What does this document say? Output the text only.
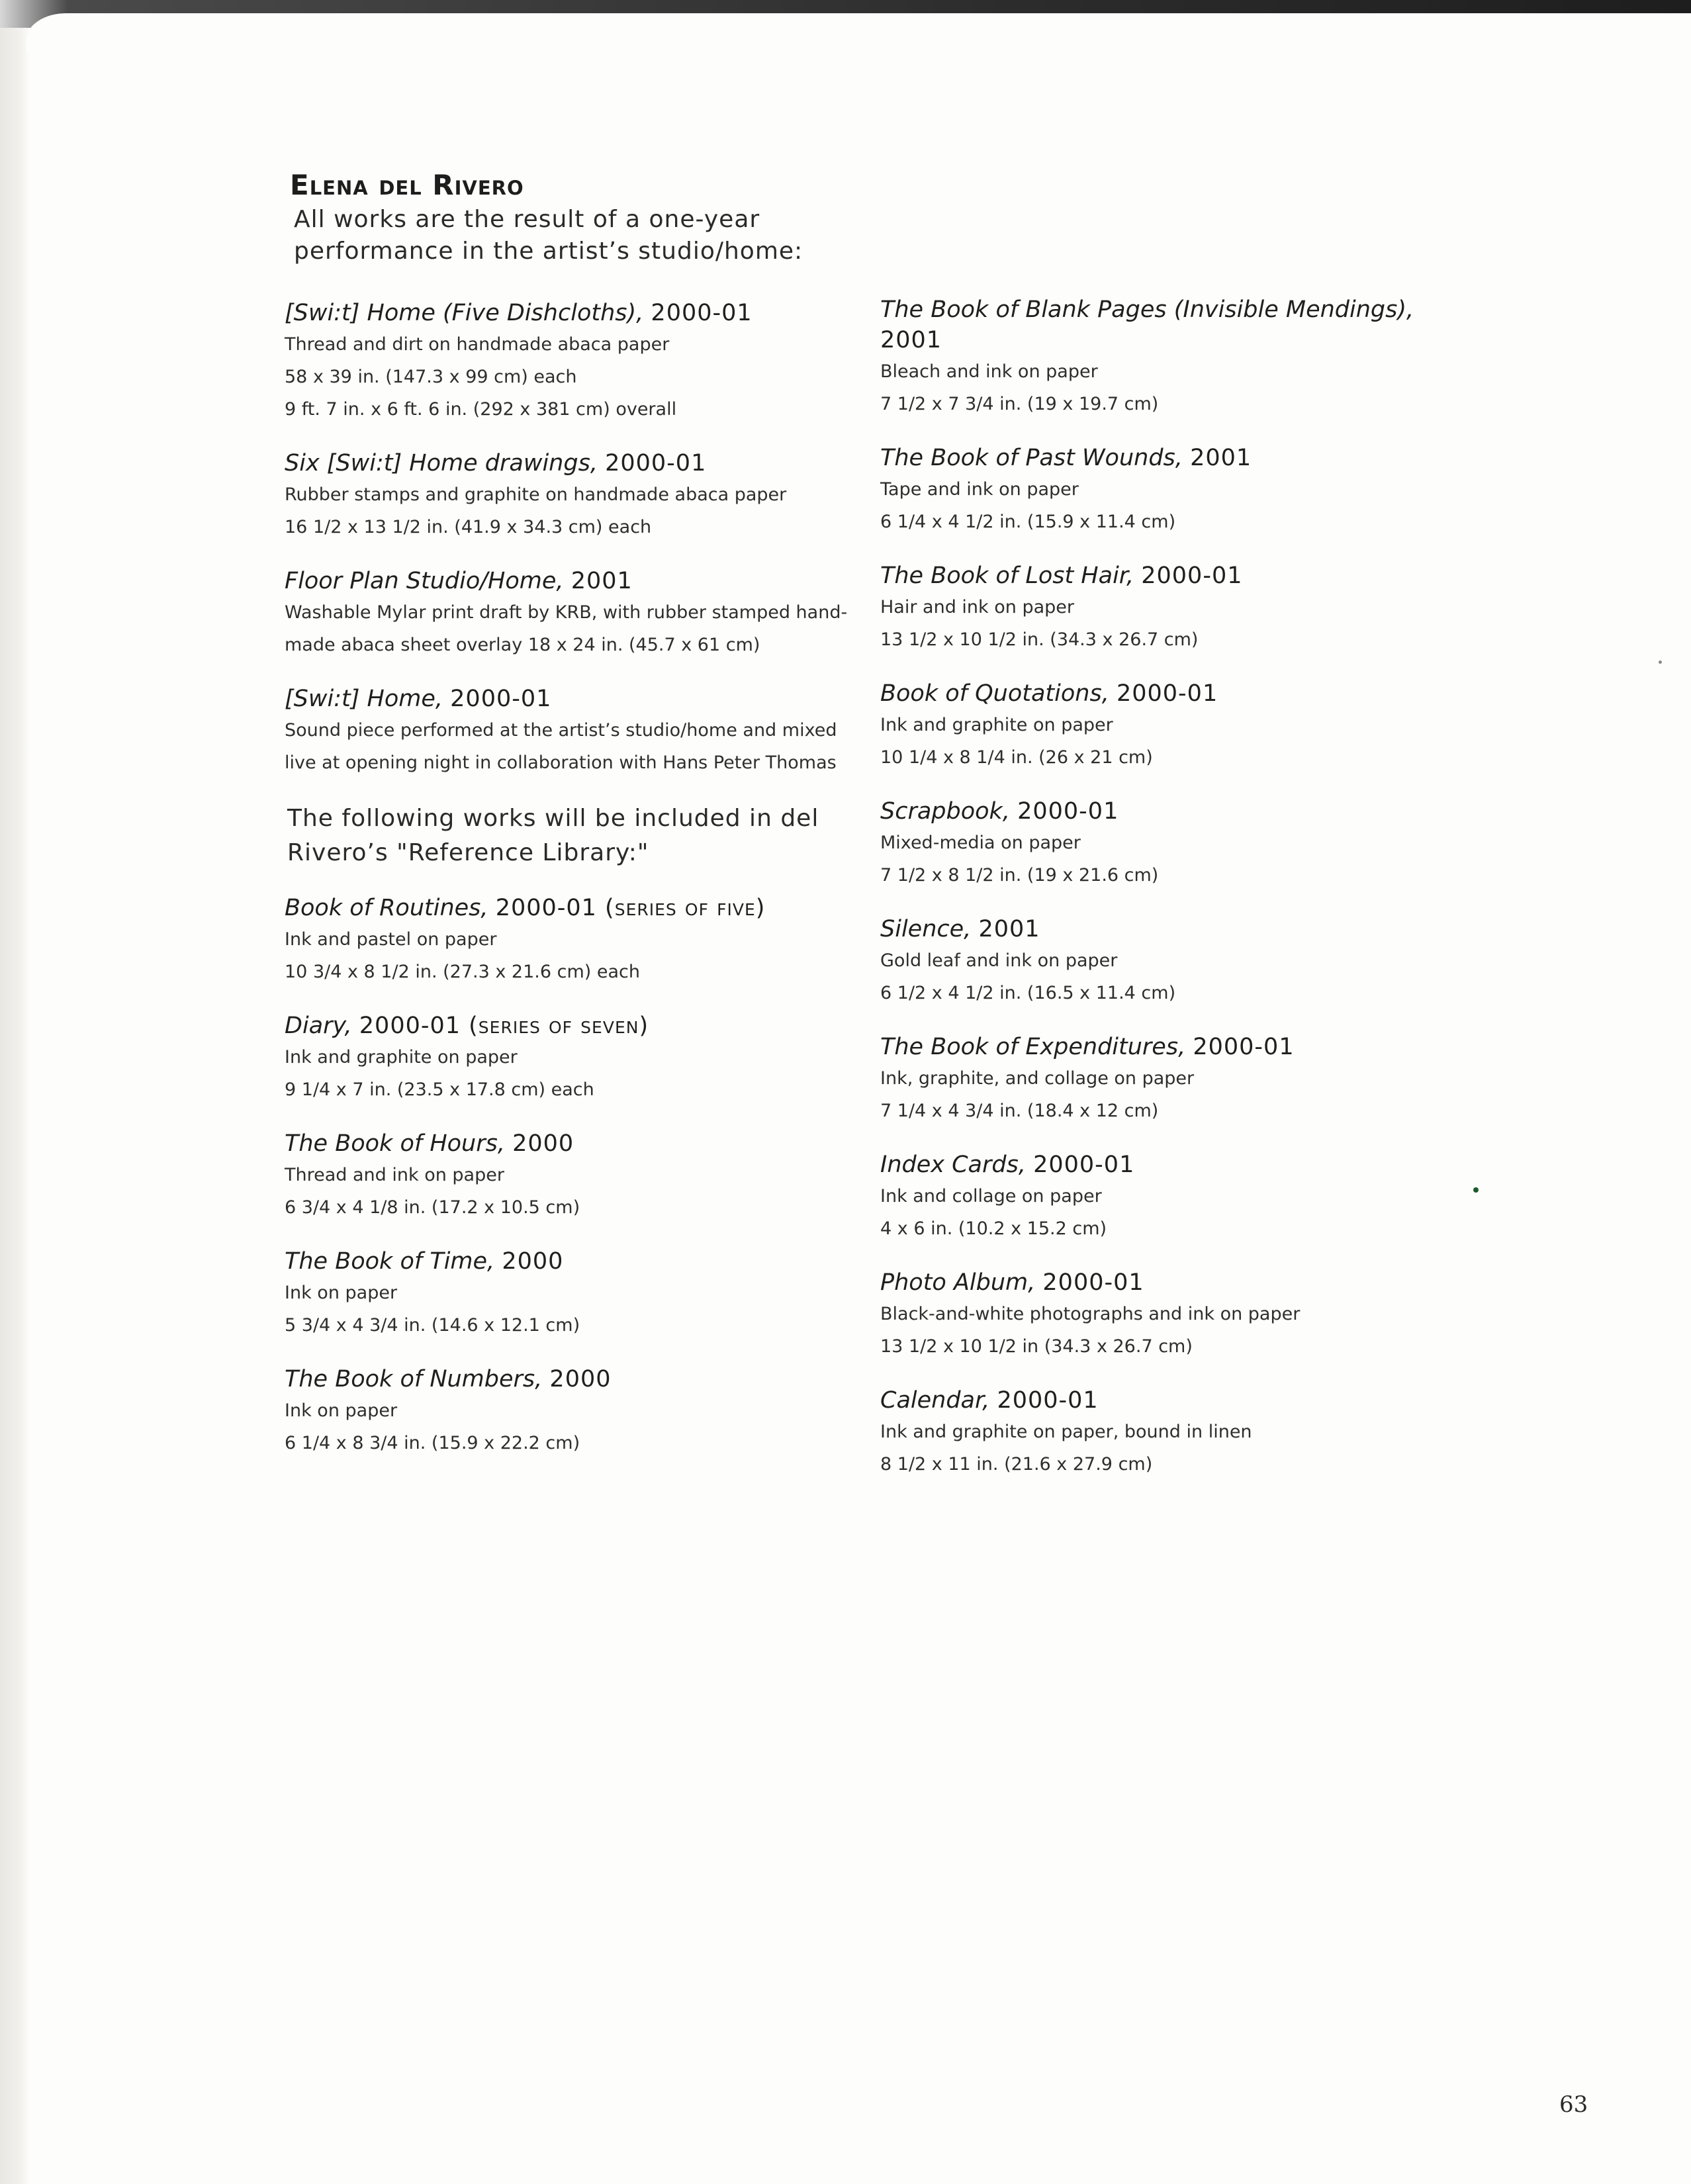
Elena del Rivero
All works are the result of a one-year performance in the artist’s studio/home:
[Swi:t] Home (Five Dishcloths), 2000-01
Thread and dirt on handmade abaca paper
58 x 39 in. (147.3 x 99 cm) each
9 ft. 7 in. x 6 ft. 6 in. (292 x 381 cm) overall
Six [Swi:t] Home drawings, 2000-01
Rubber stamps and graphite on handmade abaca paper
16 1/2 x 13 1/2 in. (41.9 x 34.3 cm) each
Floor Plan Studio/Home, 2001
Washable Mylar print draft by KRB, with rubber stamped hand-
made abaca sheet overlay 18 x 24 in. (45.7 x 61 cm)
[Swi:t] Home, 2000-01
Sound piece performed at the artist’s studio/home and mixed
live at opening night in collaboration with Hans Peter Thomas
The following works will be included in del Rivero’s "Reference Library:"
Book of Routines, 2000-01 (series of five)
Ink and pastel on paper
10 3/4 x 8 1/2 in. (27.3 x 21.6 cm) each
Diary, 2000-01 (series of seven)
Ink and graphite on paper
9 1/4 x 7 in. (23.5 x 17.8 cm) each
The Book of Hours, 2000
Thread and ink on paper
6 3/4 x 4 1/8 in. (17.2 x 10.5 cm)
The Book of Time, 2000
Ink on paper
5 3/4 x 4 3/4 in. (14.6 x 12.1 cm)
The Book of Numbers, 2000
Ink on paper
6 1/4 x 8 3/4 in. (15.9 x 22.2 cm)
The Book of Blank Pages (Invisible Mendings), 2001
Bleach and ink on paper
7 1/2 x 7 3/4 in. (19 x 19.7 cm)
The Book of Past Wounds, 2001
Tape and ink on paper
6 1/4 x 4 1/2 in. (15.9 x 11.4 cm)
The Book of Lost Hair, 2000-01
Hair and ink on paper
13 1/2 x 10 1/2 in. (34.3 x 26.7 cm)
Book of Quotations, 2000-01
Ink and graphite on paper
10 1/4 x 8 1/4 in. (26 x 21 cm)
Scrapbook, 2000-01
Mixed-media on paper
7 1/2 x 8 1/2 in. (19 x 21.6 cm)
Silence, 2001
Gold leaf and ink on paper
6 1/2 x 4 1/2 in. (16.5 x 11.4 cm)
The Book of Expenditures, 2000-01
Ink, graphite, and collage on paper
7 1/4 x 4 3/4 in. (18.4 x 12 cm)
Index Cards, 2000-01
Ink and collage on paper
4 x 6 in. (10.2 x 15.2 cm)
Photo Album, 2000-01
Black-and-white photographs and ink on paper
13 1/2 x 10 1/2 in (34.3 x 26.7 cm)
Calendar, 2000-01
Ink and graphite on paper, bound in linen
8 1/2 x 11 in. (21.6 x 27.9 cm)
63
